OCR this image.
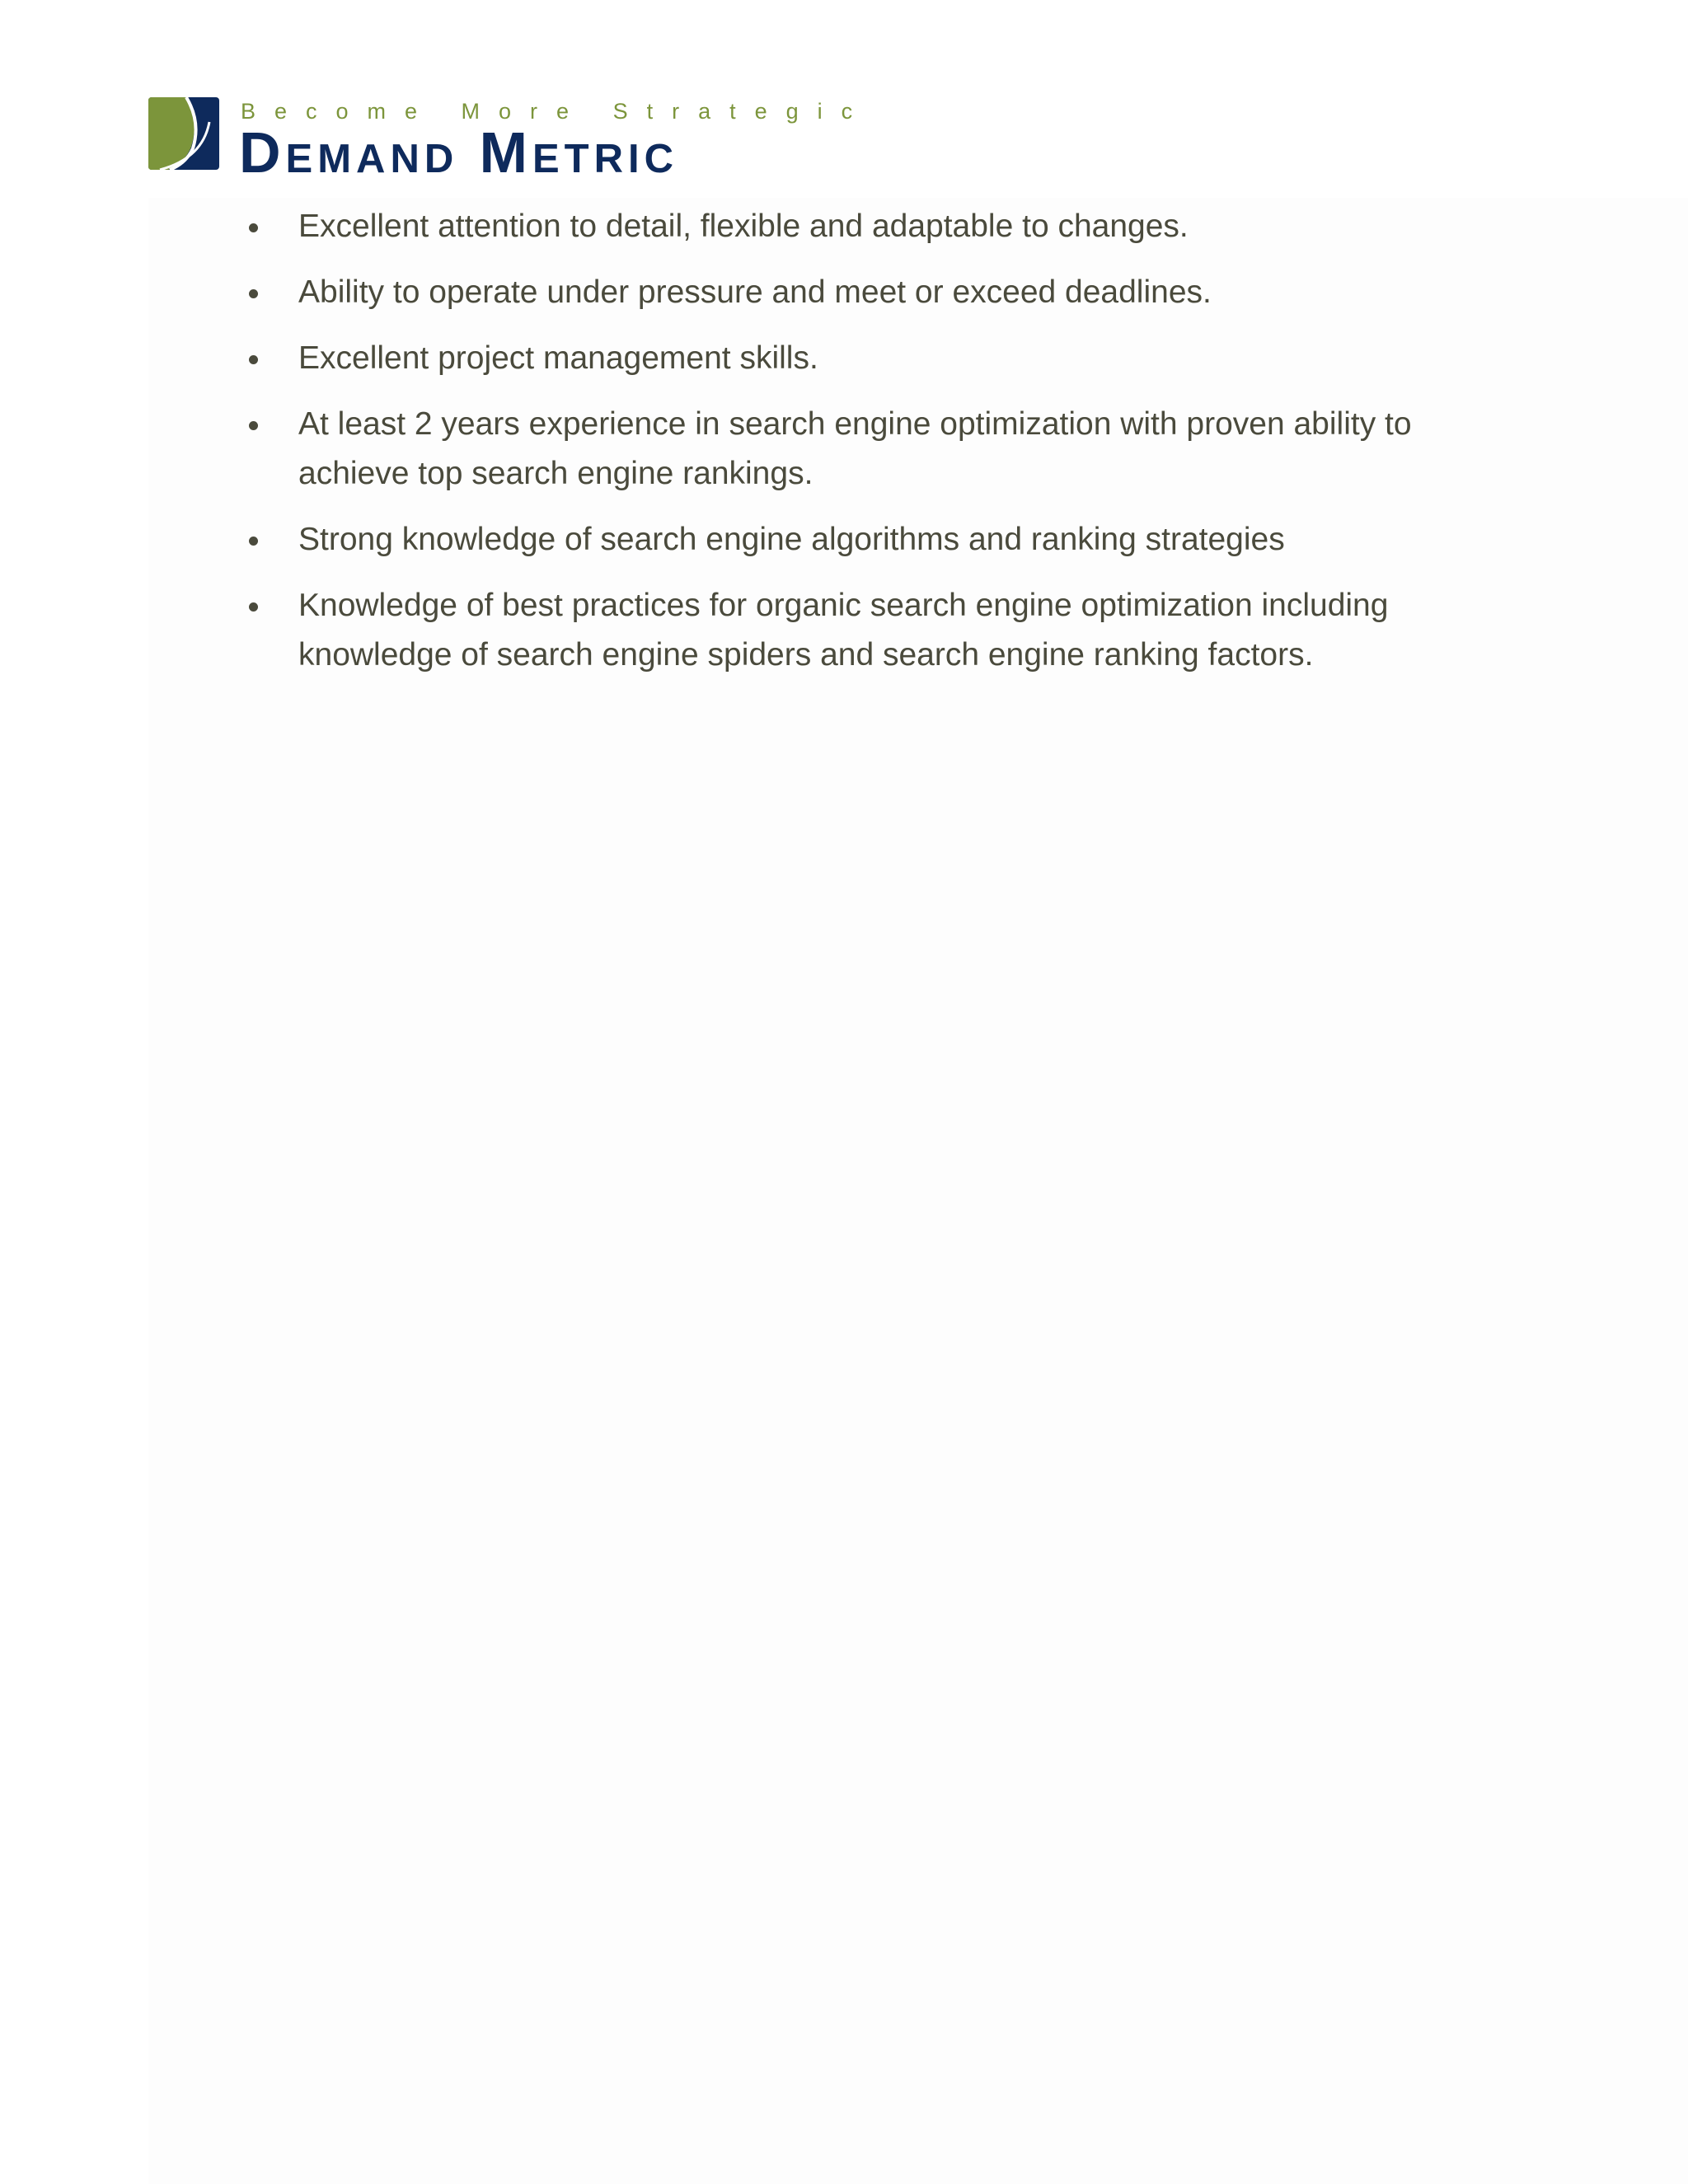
Become More Strategic
Demand Metric
Excellent attention to detail, flexible and adaptable to changes.
Ability to operate under pressure and meet or exceed deadlines.
Excellent project management skills.
At least 2 years experience in search engine optimization with proven ability to achieve top search engine rankings.
Strong knowledge of search engine algorithms and ranking strategies
Knowledge of best practices for organic search engine optimization including knowledge of search engine spiders and search engine ranking factors.
